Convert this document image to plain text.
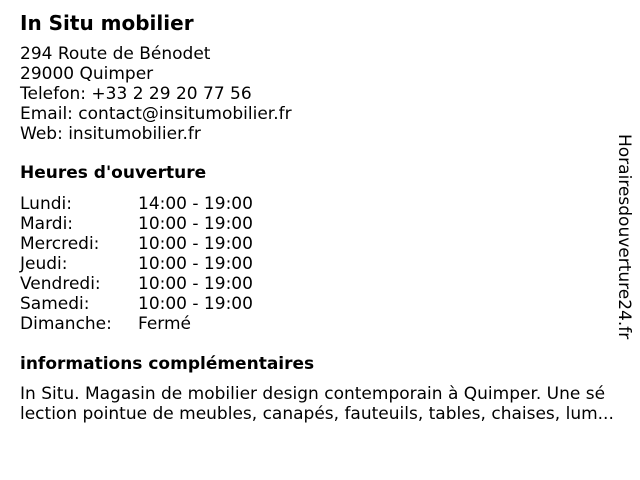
In Situ mobilier
294 Route de Bénodet
29000 Quimper
Telefon: +33 2 29 20 77 56
Email: contact@insitumobilier.fr
Web: insitumobilier.fr
Heures d'ouverture
Lundi:	14:00 - 19:00
Mardi:	10:00 - 19:00
Mercredi:	10:00 - 19:00
Jeudi:	10:00 - 19:00
Vendredi:	10:00 - 19:00
Samedi:	10:00 - 19:00
Dimanche:	Fermé
informations complémentaires
In Situ. Magasin de mobilier design contemporain à Quimper. Une sé
lection pointue de meubles, canapés, fauteuils, tables, chaises, lum...
Horairesdouverture24.fr
